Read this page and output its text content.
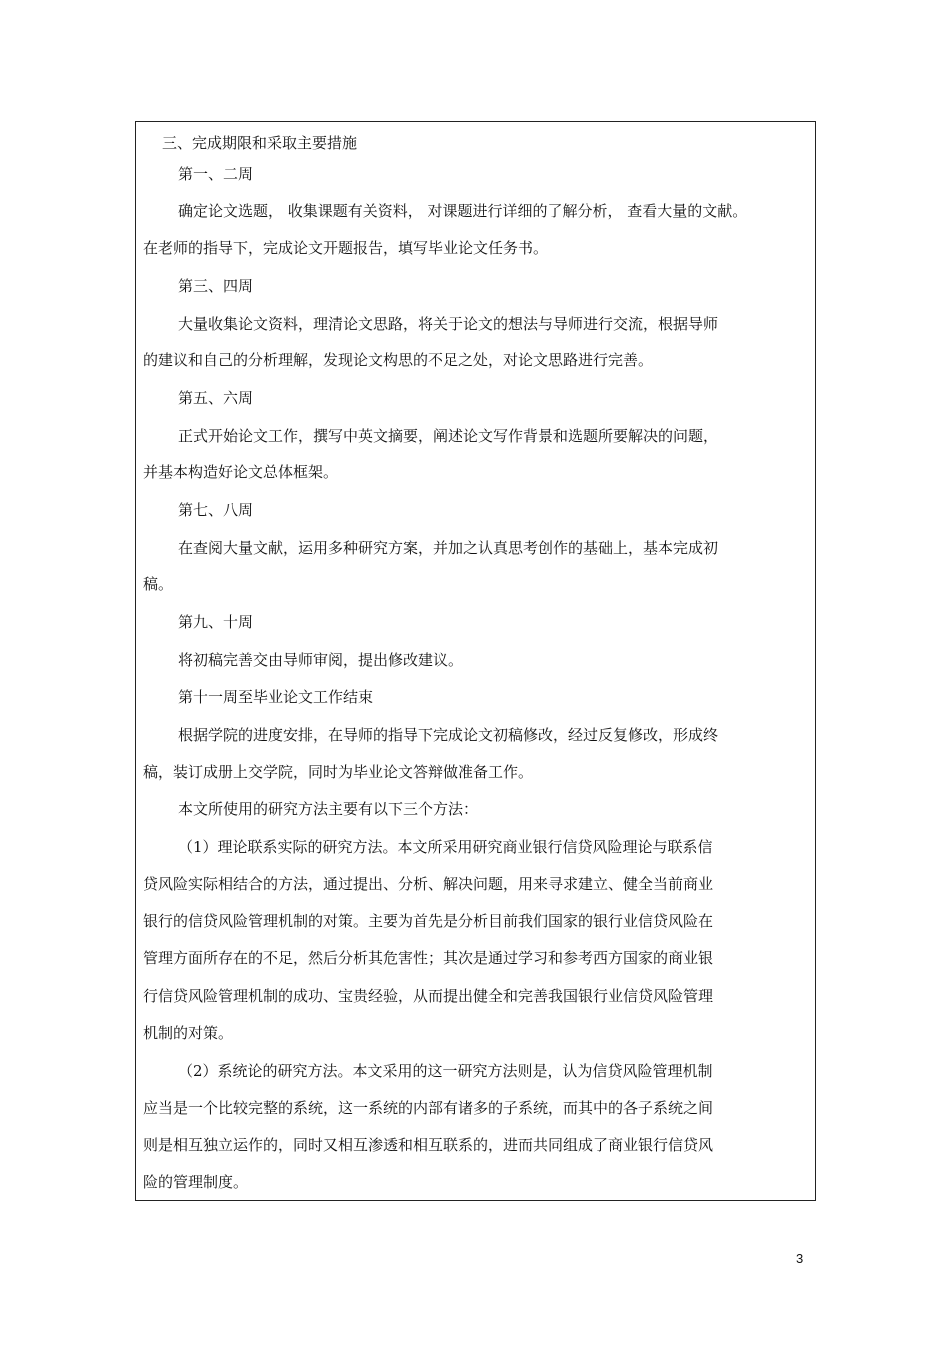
三、完成期限和采取主要措施
第一、二周
确定论文选题， 收集课题有关资料， 对课题进行详细的了解分析， 查看大量的文献。
在老师的指导下，完成论文开题报告，填写毕业论文任务书。
第三、四周
大量收集论文资料，理清论文思路，将关于论文的想法与导师进行交流，根据导师
的建议和自己的分析理解，发现论文构思的不足之处，对论文思路进行完善。
第五、六周
正式开始论文工作，撰写中英文摘要，阐述论文写作背景和选题所要解决的问题，
并基本构造好论文总体框架。
第七、八周
在查阅大量文献，运用多种研究方案，并加之认真思考创作的基础上，基本完成初
稿。
第九、十周
将初稿完善交由导师审阅，提出修改建议。
第十一周至毕业论文工作结束
根据学院的进度安排，在导师的指导下完成论文初稿修改，经过反复修改，形成终
稿，装订成册上交学院，同时为毕业论文答辩做准备工作。
本文所使用的研究方法主要有以下三个方法：
（1）理论联系实际的研究方法。本文所采用研究商业银行信贷风险理论与联系信
贷风险实际相结合的方法，通过提出、分析、解决问题，用来寻求建立、健全当前商业
银行的信贷风险管理机制的对策。主要为首先是分析目前我们国家的银行业信贷风险在
管理方面所存在的不足，然后分析其危害性；其次是通过学习和参考西方国家的商业银
行信贷风险管理机制的成功、宝贵经验，从而提出健全和完善我国银行业信贷风险管理
机制的对策。
（2）系统论的研究方法。本文采用的这一研究方法则是，认为信贷风险管理机制
应当是一个比较完整的系统，这一系统的内部有诸多的子系统，而其中的各子系统之间
则是相互独立运作的，同时又相互渗透和相互联系的，进而共同组成了商业银行信贷风
险的管理制度。
3
